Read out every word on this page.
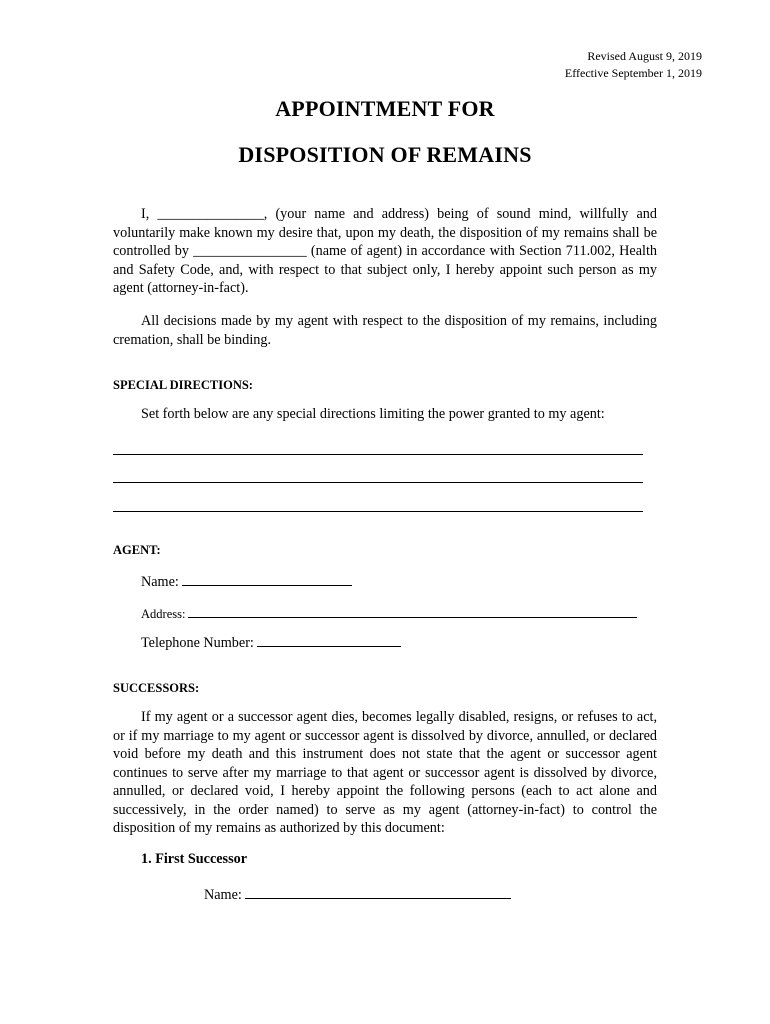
Revised August 9, 2019
Effective September 1, 2019
APPOINTMENT FOR
DISPOSITION OF REMAINS
I, _______________, (your name and address) being of sound mind, willfully and voluntarily make known my desire that, upon my death, the disposition of my remains shall be controlled by ________________ (name of agent) in accordance with Section 711.002, Health and Safety Code, and, with respect to that subject only, I hereby appoint such person as my agent (attorney-in-fact).
All decisions made by my agent with respect to the disposition of my remains, including cremation, shall be binding.
SPECIAL DIRECTIONS:
Set forth below are any special directions limiting the power granted to my agent:
AGENT:
Name:
Address:
Telephone Number:
SUCCESSORS:
If my agent or a successor agent dies, becomes legally disabled, resigns, or refuses to act, or if my marriage to my agent or successor agent is dissolved by divorce, annulled, or declared void before my death and this instrument does not state that the agent or successor agent continues to serve after my marriage to that agent or successor agent is dissolved by divorce, annulled, or declared void, I hereby appoint the following persons (each to act alone and successively, in the order named) to serve as my agent (attorney-in-fact) to control the disposition of my remains as authorized by this document:
1. First Successor
Name:
